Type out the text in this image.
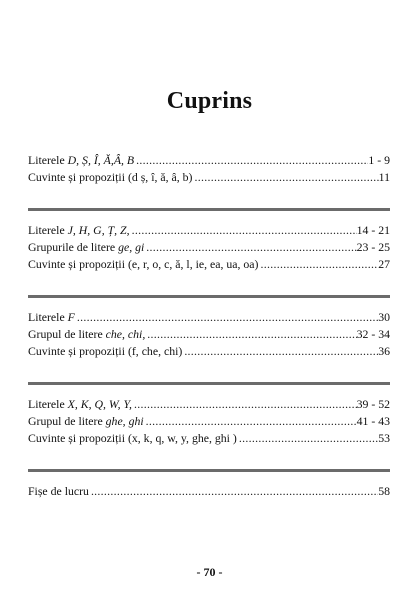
Cuprins
Literele D, Ș, Î, Ă,Â, B .....	1 - 9
Cuvinte și propoziții (d ș, î, ă, â, b) .....	11
Literele J, H, G, Ț, Z, .....	14 - 21
Grupurile de litere ge, gi .....	23 - 25
Cuvinte și propoziții (e, r, o, c, ă, l, ie, ea, ua, oa) .....	27
Literele F .....	30
Grupul de litere che, chi, .....	32 - 34
Cuvinte și propoziții (f, che, chi) .....	36
Literele X, K, Q, W, Y, .....	39 - 52
Grupul de litere ghe, ghi .....	41 - 43
Cuvinte și propoziții (x, k, q, w, y, ghe, ghi ) .....	53
Fișe de lucru .....	58
- 70 -
